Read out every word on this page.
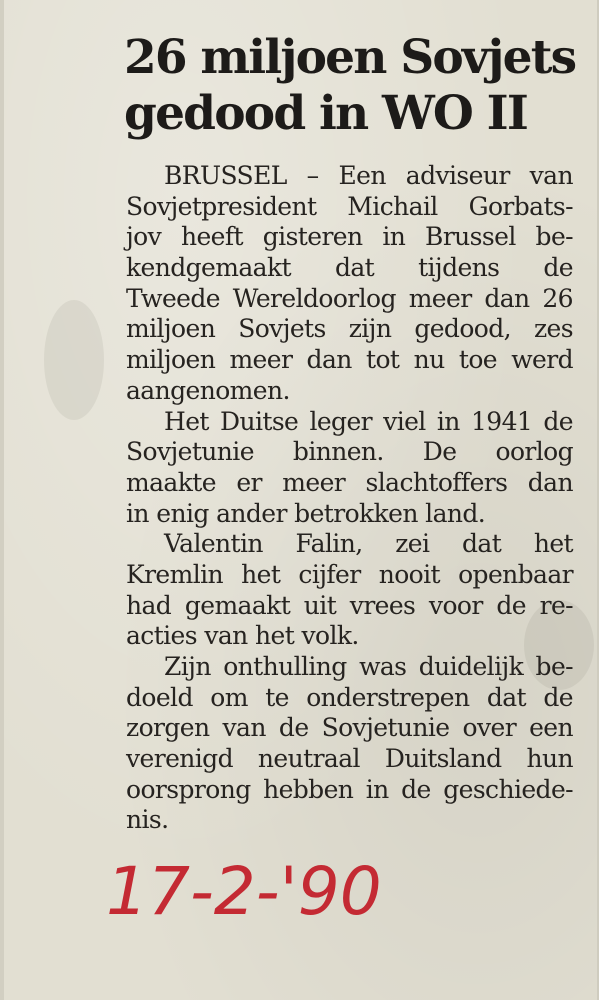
26 miljoen Sovjets
gedood in WO II
BRUSSEL – Een adviseur van
Sovjetpresident Michail Gorbats-
jov heeft gisteren in Brussel be-
kendgemaakt dat tijdens de
Tweede Wereldoorlog meer dan 26
miljoen Sovjets zijn gedood, zes
miljoen meer dan tot nu toe werd
aangenomen.
Het Duitse leger viel in 1941 de
Sovjetunie binnen. De oorlog
maakte er meer slachtoffers dan
in enig ander betrokken land.
Valentin Falin, zei dat het
Kremlin het cijfer nooit openbaar
had gemaakt uit vrees voor de re-
acties van het volk.
Zijn onthulling was duidelijk be-
doeld om te onderstrepen dat de
zorgen van de Sovjetunie over een
verenigd neutraal Duitsland hun
oorsprong hebben in de geschiede-
nis.
17-2-'90
